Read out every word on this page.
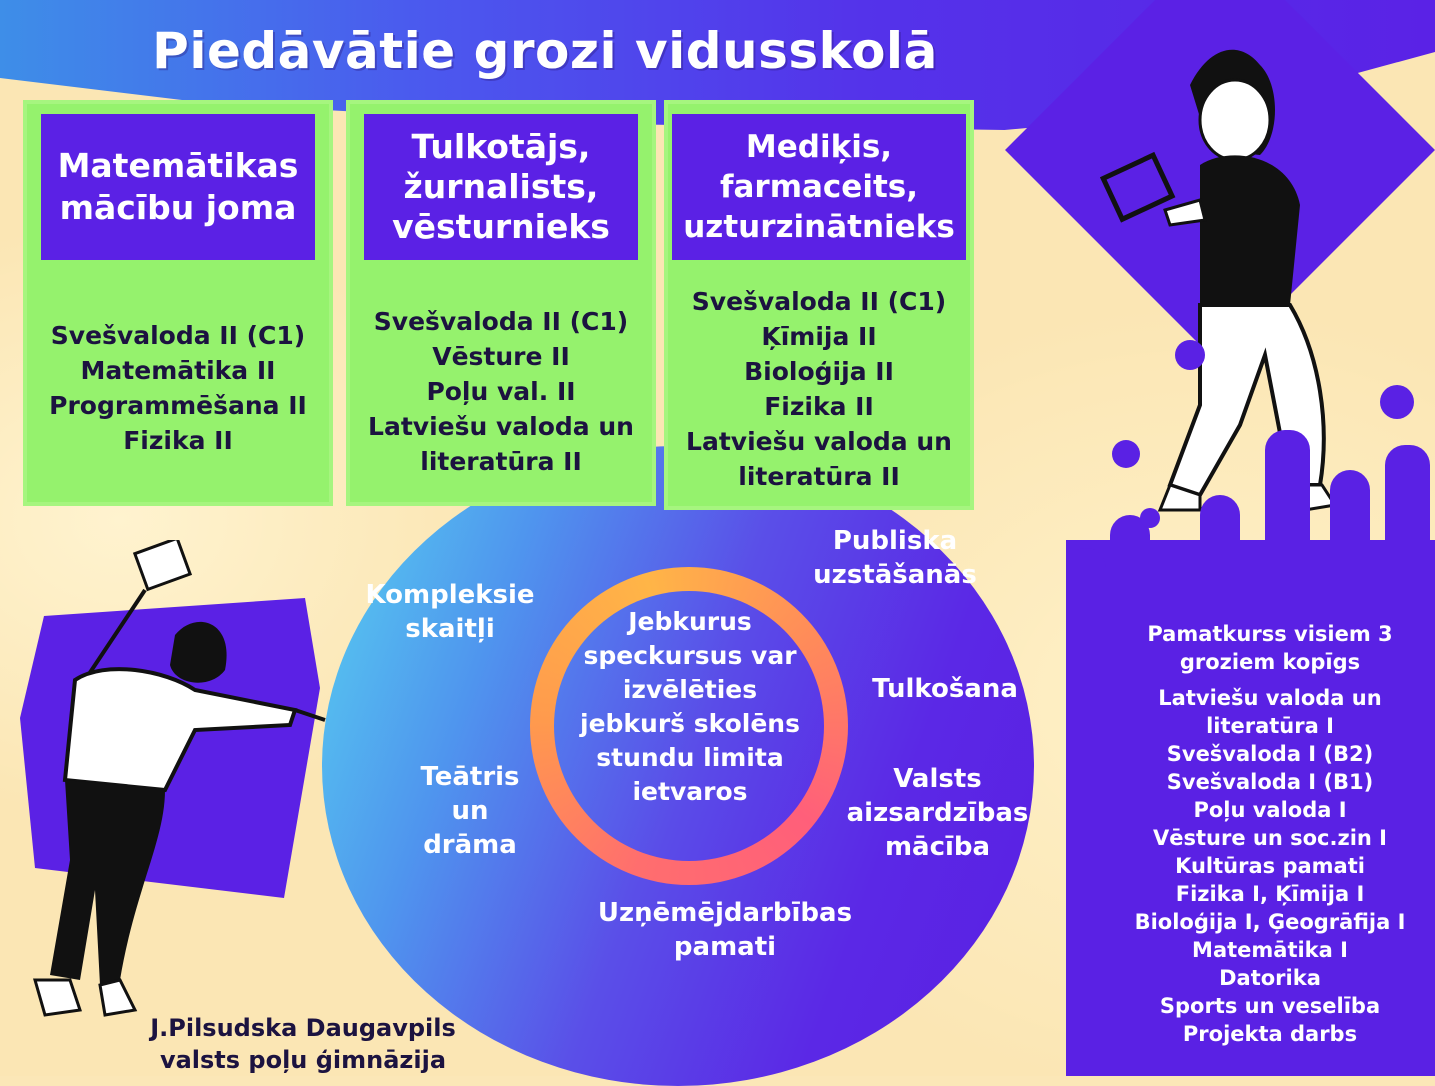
Piedāvātie grozi vidusskolā
Pamatkurss visiem 3
groziem kopīgs
Latviešu valoda un
literatūra I
Svešvaloda I (B2)
Svešvaloda I (B1)
Poļu valoda I
Vēsture un soc.zin I
Kultūras pamati
Fizika I, Ķīmija I
Bioloģija I, Ģeogrāfija I
Matemātika I
Datorika
Sports un veselība
Projekta darbs
Jebkurus
speckursus var
izvēlēties
jebkurš skolēns
stundu limita
ietvaros
Publiska
uzstāšanās
Kompleksie
skaitļi
Tulkošana
Teātris
un
drāma
Valsts
aizsardzības
mācība
Uzņēmējdarbības
pamati
Matemātikas
mācību joma
Svešvaloda II (C1)
Matemātika II
Programmēšana II
Fizika II
Tulkotājs,
žurnalists,
vēsturnieks
Svešvaloda II (C1)
Vēsture II
Poļu val. II
Latviešu valoda un
literatūra II
Mediķis,
farmaceits,
uzturzinātnieks
Svešvaloda II (C1)
Ķīmija II
Bioloģija II
Fizika II
Latviešu valoda un
literatūra II
J.Pilsudska Daugavpils
valsts poļu ģimnāzija
